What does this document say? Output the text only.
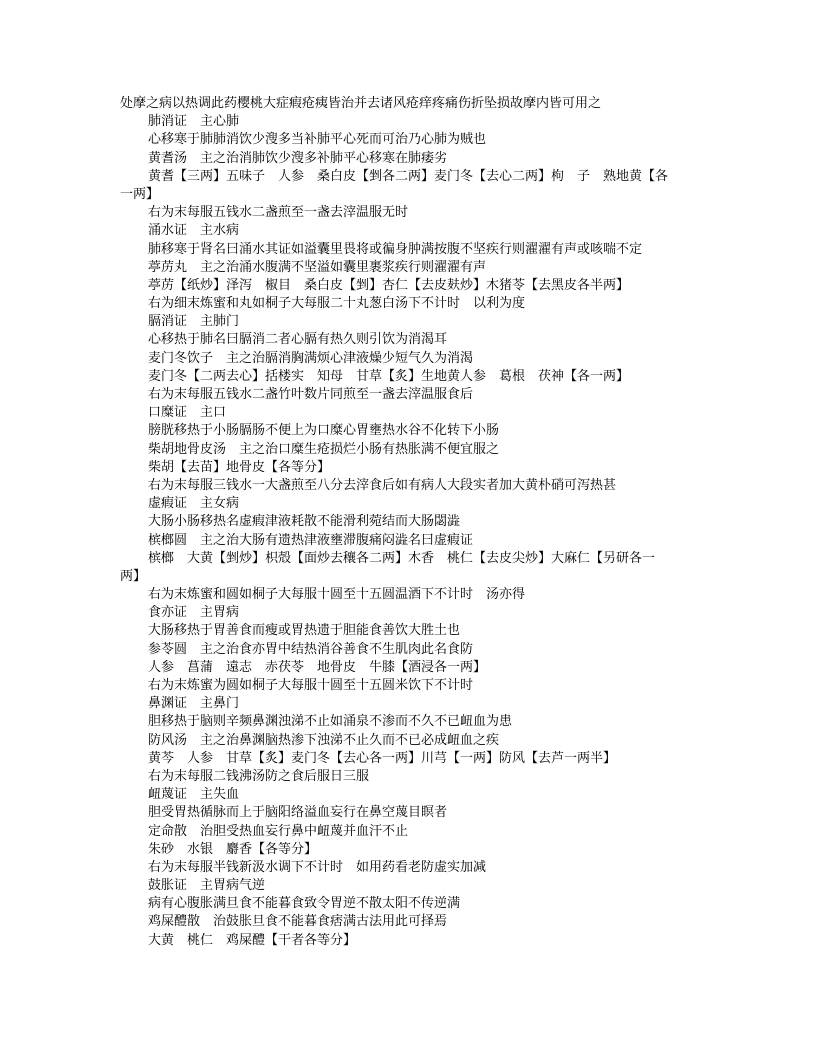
处摩之病以热调此药樱桃大症瘕疮痍皆治并去诸风疮痒疼痛伤折坠损故摩内皆可用之
肺消证　主心肺
心移寒于肺肺消饮少溲多当补肺平心死而可治乃心肺为贼也
黄耆汤　主之治消肺饮少溲多补肺平心移寒在肺痿劣
黄耆【三两】五味子　人参　桑白皮【剉各二两】麦门冬【去心二两】枸　子　熟地黄【各
一两】
右为末每服五钱水二盏煎至一盏去滓温服无时
涌水证　主水病
肺移寒于肾名曰涌水其证如溢囊里畏将或徧身肿满按腹不坚疾行则濯濯有声或咳喘不定
葶苈丸　主之治涌水腹满不坚溢如囊里裹浆疾行则濯濯有声
葶苈【纸炒】泽泻　椒目　桑白皮【剉】杏仁【去皮麸炒】木猪苓【去黑皮各半两】
右为细末炼蜜和丸如桐子大每服二十丸葱白汤下不计时　以利为度
膈消证　主肺门
心移热于肺名曰膈消二者心膈有热久则引饮为消渴耳
麦门冬饮子　主之治膈消胸满烦心津液燥少短气久为消渴
麦门冬【二两去心】括楼实　知母　甘草【炙】生地黄人参　葛根　茯神【各一两】
右为末每服五钱水二盏竹叶数片同煎至一盏去滓温服食后
口糜证　主口
膀胱移热于小肠膈肠不便上为口糜心胃壅热水谷不化转下小肠
柴胡地骨皮汤　主之治口糜生疮损烂小肠有热胀满不便宜服之
柴胡【去苗】地骨皮【各等分】
右为末每服三钱水一大盏煎至八分去滓食后如有病人大段实者加大黄朴硝可泻热甚
虚瘕证　主女病
大肠小肠移热名虚瘕津液耗散不能滑利菀结而大肠閟澁
槟榔圆　主之治大肠有遗热津液壅滞腹痛闷澁名曰虚瘕证
槟榔　大黄【剉炒】枳殻【面炒去穰各二两】木香　桃仁【去皮尖炒】大麻仁【另研各一
两】
右为末炼蜜和圆如桐子大每服十圆至十五圆温酒下不计时　汤亦得
食亦证　主胃病
大肠移热于胃善食而瘦或胃热遗于胆能食善饮大胜土也
参苓圆　主之治食亦胃中结热消谷善食不生肌肉此名食防
人参　菖蒲　遠志　赤茯苓　地骨皮　牛膝【酒浸各一两】
右为末炼蜜为圆如桐子大每服十圆至十五圆米饮下不计时
鼻渊证　主鼻门
胆移热于脑则辛频鼻渊浊涕不止如涌泉不渗而不久不已衄血为患
防风汤　主之治鼻渊脑热渗下浊涕不止久而不已必成衄血之疾
黄芩　人参　甘草【炙】麦门冬【去心各一两】川芎【一两】防风【去芦一两半】
右为末每服二钱沸汤防之食后服日三服
衄蔑证　主失血
胆受胃热循脉而上于脑阳络溢血妄行在鼻空蔑目瞑者
定命散　治胆受热血妄行鼻中衄蔑并血汗不止
朱砂　水银　麝香【各等分】
右为末每服半钱新汲水调下不计时　如用药看老防虚实加减
鼓胀证　主胃病气逆
病有心腹胀满旦食不能暮食致令胃逆不散太阳不传逆满
鸡屎醴散　治鼓胀旦食不能暮食痞满古法用此可择焉
大黄　桃仁　鸡屎醴【干者各等分】
